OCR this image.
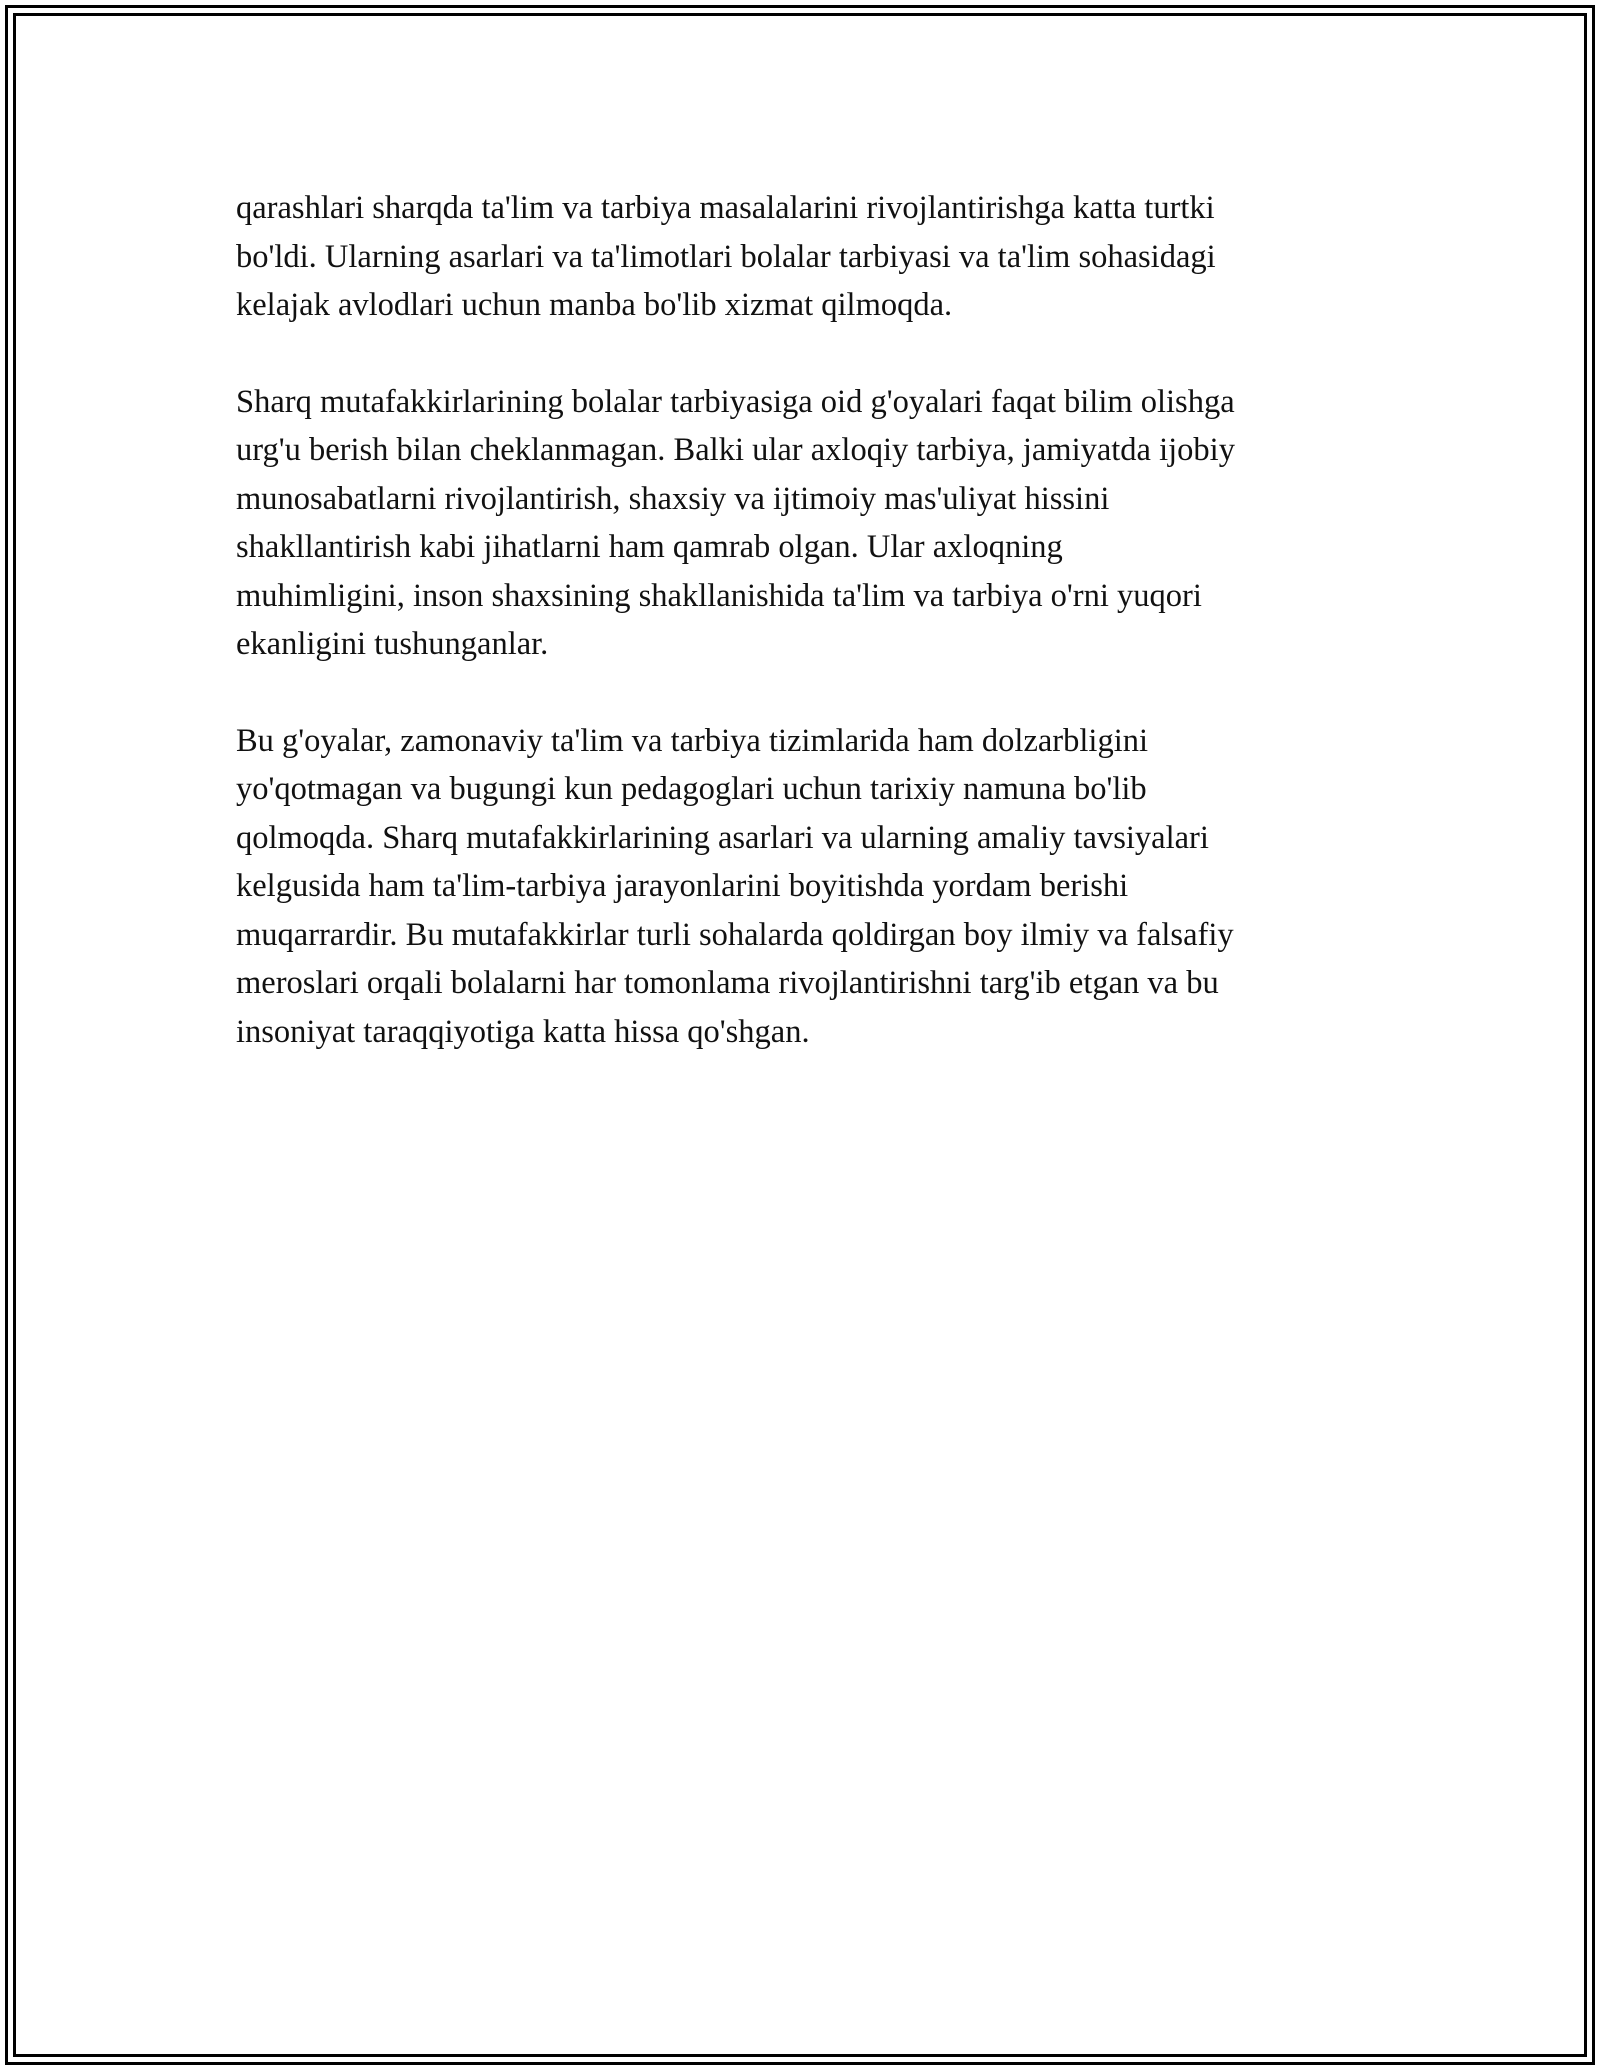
qarashlari sharqda ta'lim va tarbiya masalalarini rivojlantirishga katta turtki
bo'ldi. Ularning asarlari va ta'limotlari bolalar tarbiyasi va ta'lim sohasidagi
kelajak avlodlari uchun manba bo'lib xizmat qilmoqda.

Sharq mutafakkirlarining bolalar tarbiyasiga oid g'oyalari faqat bilim olishga
urg'u berish bilan cheklanmagan. Balki ular axloqiy tarbiya, jamiyatda ijobiy
munosabatlarni rivojlantirish, shaxsiy va ijtimoiy mas'uliyat hissini
shakllantirish kabi jihatlarni ham qamrab olgan. Ular axloqning
muhimligini, inson shaxsining shakllanishida ta'lim va tarbiya o'rni yuqori
ekanligini tushunganlar.

Bu g'oyalar, zamonaviy ta'lim va tarbiya tizimlarida ham dolzarbligini
yo'qotmagan va bugungi kun pedagoglari uchun tarixiy namuna bo'lib
qolmoqda. Sharq mutafakkirlarining asarlari va ularning amaliy tavsiyalari
kelgusida ham ta'lim-tarbiya jarayonlarini boyitishda yordam berishi
muqarrardir. Bu mutafakkirlar turli sohalarda qoldirgan boy ilmiy va falsafiy
meroslari orqali bolalarni har tomonlama rivojlantirishni targ'ib etgan va bu
insoniyat taraqqiyotiga katta hissa qo'shgan.
